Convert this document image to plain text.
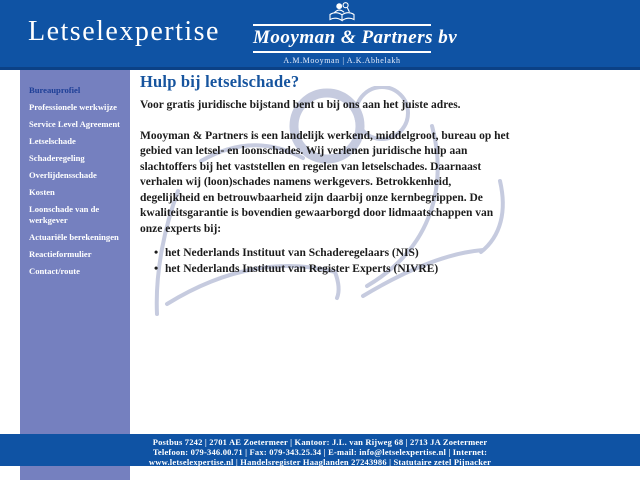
Letselexpertise Mooyman & Partners bv
A.M.Mooyman | A.K.Abhelakh
Bureauprofiel
Professionele werkwijze
Service Level Agreement
Letselschade
Schaderegeling
Overlijdensschade
Kosten
Loonschade van de werkgever
Actuariële berekeningen
Reactieformulier
Contact/route
Hulp bij letselschade?

Voor gratis juridische bijstand bent u bij ons aan het juiste adres.

Mooyman & Partners is een landelijk werkend, middelgroot, bureau op het gebied van letsel- en loonschades. Wij verlenen juridische hulp aan slachtoffers bij het vaststellen en regelen van letselschades. Daarnaast verhalen wij (loon)schades namens werkgevers. Betrokkenheid, degelijkheid en betrouwbaarheid zijn daarbij onze kernbegrippen. De kwaliteitsgarantie is bovendien gewaarborgd door lidmaatschappen van onze experts bij:

• het Nederlands Instituut van Schaderegelaars (NIS)
• het Nederlands Instituut van Register Experts (NIVRE)
Postbus 7242 | 2701 AE Zoetermeer | Kantoor: J.L. van Rijweg 68 | 2713 JA Zoetermeer
Telefoon: 079-346.00.71 | Fax: 079-343.25.34 | E-mail: info@letselexpertise.nl | Internet:
www.letselexpertise.nl | Handelsregister Haaglanden 27243986 | Statutaire zetel Pijnacker
